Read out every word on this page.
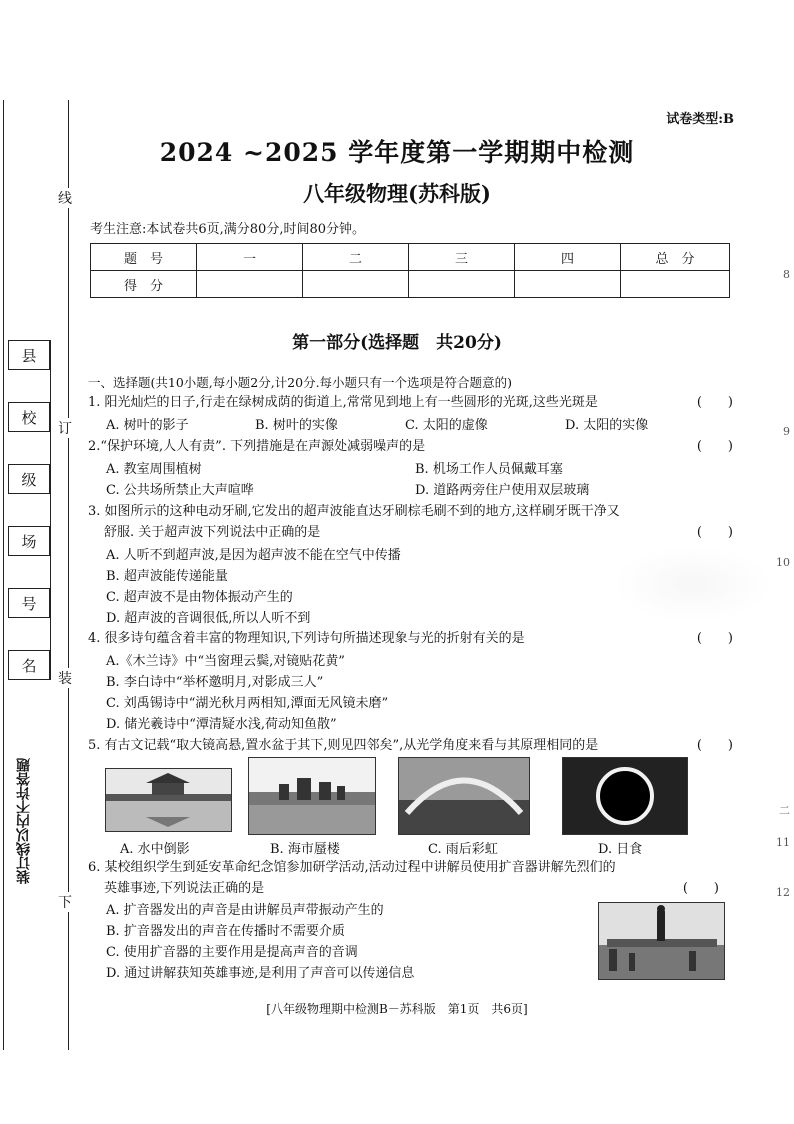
县
校
级
场
号
名
线
订
装
下
装订线以内不许答题
8
9
10
二
11
12
试卷类型:B
2024 ~2025 学年度第一学期期中检测
八年级物理(苏科版)
考生注意:本试卷共6页,满分80分,时间80分钟。
题　号	一	二	三	四	总　分
得　分					
第一部分(选择题　共20分)
一、选择题(共10小题,每小题2分,计20分.每小题只有一个选项是符合题意的)
1. 阳光灿烂的日子,行走在绿树成荫的街道上,常常见到地上有一些圆形的光斑,这些光斑是	(　　)
A. 树叶的影子	B. 树叶的实像	C. 太阳的虚像	D. 太阳的实像
2.“保护环境,人人有责”. 下列措施是在声源处减弱噪声的是	(　　)
A. 教室周围植树	B. 机场工作人员佩戴耳塞
C. 公共场所禁止大声喧哗	D. 道路两旁住户使用双层玻璃
3. 如图所示的这种电动牙刷,它发出的超声波能直达牙刷棕毛刷不到的地方,这样刷牙既干净又
舒服. 关于超声波下列说法中正确的是	(　　)
A. 人听不到超声波,是因为超声波不能在空气中传播
B. 超声波能传递能量
C. 超声波不是由物体振动产生的
D. 超声波的音调很低,所以人听不到
4. 很多诗句蕴含着丰富的物理知识,下列诗句所描述现象与光的折射有关的是	(　　)
A.《木兰诗》中“当窗理云鬓,对镜贴花黄”
B. 李白诗中“举杯邀明月,对影成三人”
C. 刘禹锡诗中“湖光秋月两相知,潭面无风镜未磨”
D. 储光羲诗中“潭清疑水浅,荷动知鱼散”
5. 有古文记载“取大镜高悬,置水盆于其下,则见四邻矣”,从光学角度来看与其原理相同的是	(　　)
A. 水中倒影	B. 海市蜃楼	C. 雨后彩虹	D. 日食
6. 某校组织学生到延安革命纪念馆参加研学活动,活动过程中讲解员使用扩音器讲解先烈们的
英雄事迹,下列说法正确的是	(　　)
A. 扩音器发出的声音是由讲解员声带振动产生的
B. 扩音器发出的声音在传播时不需要介质
C. 使用扩音器的主要作用是提高声音的音调
D. 通过讲解获知英雄事迹,是利用了声音可以传递信息
[八年级物理期中检测B－苏科版　第1页　共6页]
